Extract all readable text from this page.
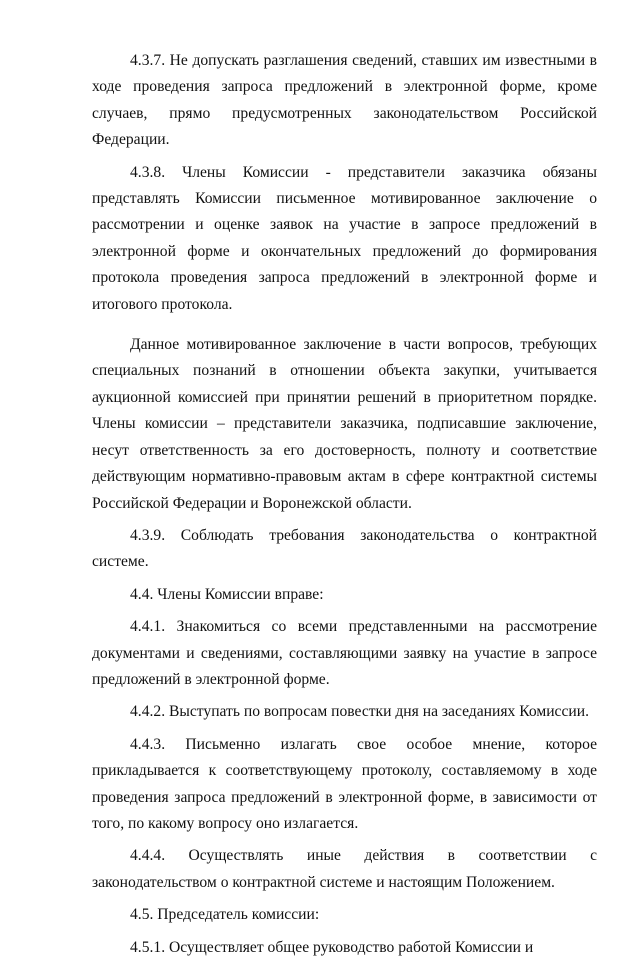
4.3.7. Не допускать разглашения сведений, ставших им известными в ходе проведения запроса предложений в электронной форме, кроме случаев, прямо предусмотренных законодательством Российской Федерации.

4.3.8. Члены Комиссии - представители заказчика обязаны представлять Комиссии письменное мотивированное заключение о рассмотрении и оценке заявок на участие в запросе предложений в электронной форме и окончательных предложений до формирования протокола проведения запроса предложений в электронной форме и итогового протокола.

Данное мотивированное заключение в части вопросов, требующих специальных познаний в отношении объекта закупки, учитывается аукционной комиссией при принятии решений в приоритетном порядке. Члены комиссии – представители заказчика, подписавшие заключение, несут ответственность за его достоверность, полноту и соответствие действующим нормативно-правовым актам в сфере контрактной системы Российской Федерации и Воронежской области.

4.3.9. Соблюдать требования законодательства о контрактной системе.

4.4. Члены Комиссии вправе:

4.4.1. Знакомиться со всеми представленными на рассмотрение документами и сведениями, составляющими заявку на участие в запросе предложений в электронной форме.

4.4.2. Выступать по вопросам повестки дня на заседаниях Комиссии.

4.4.3. Письменно излагать свое особое мнение, которое прикладывается к соответствующему протоколу, составляемому в ходе проведения запроса предложений в электронной форме, в зависимости от того, по какому вопросу оно излагается.

4.4.4. Осуществлять иные действия в соответствии с законодательством о контрактной системе и настоящим Положением.

4.5. Председатель комиссии:

4.5.1. Осуществляет общее руководство работой Комиссии и
